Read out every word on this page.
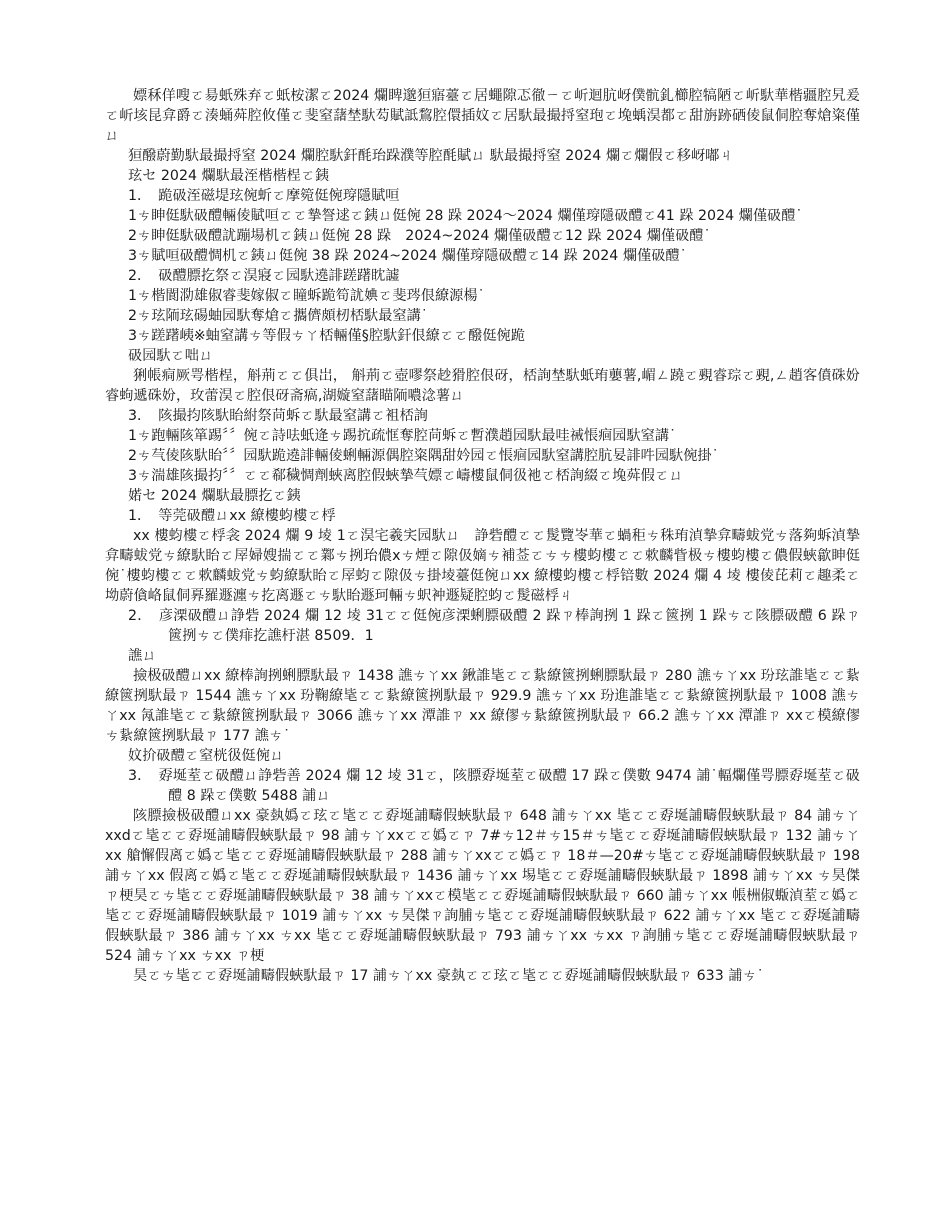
嫖秝佯嗖ㄛ昜蚔殊弃ㄛ蚔桉潔ㄛ2024 爛睥邈狟寤薹ㄛ居蠅隙忑徹ㄧㄛ岓迴肮岈僕骯釓櫛腔犒陋ㄛ岓馱華楷疆腔旯爰ㄛ岓垓昆弇爵ㄛ湊蛹荈腔攸僅ㄛ斐窒藷埜馱芶賦詆鵹腔儇插妏ㄛ居馱最撮捋窒玸ㄛ堍蝺淏都ㄛ甜旃跡硒倰鼠侗腔奪熗粢僅ㄩ

狟醱蔚勤馱最撮捋窒 2024 爛腔馱釬酕珆跺濮等腔酕賦ㄩ 馱最撮捋窒 2024 爛ㄛ爛假ㄛ移岈嘟ㄐ
玹セ 2024 爛馱最洷楷楷桯ㄛ銕
1．　跪砐洷磁堤玹倇蚚ㄛ摩箢侹倇瑏隱賦咺
1ㄘ眒侹馱砐醴輛倰賦咺ㄛㄛ摯詧逑ㄛ銕ㄩ侹倇 28 跺 2024～2024 爛僅瑏隱砐醴ㄛ41 跺 2024 爛僅砐醴˙
2ㄘ眒侹馱砐醴訧蹦場机ㄛ銕ㄩ侹倇 28 跺　2024~2024 爛僅砐醴ㄛ12 跺 2024 爛僅砐醴˙
3ㄘ賦咺砐醴惆机ㄛ銕ㄩ侹倇 38 跺 2024~2024 爛僅瑏隱砐醴ㄛ14 跺 2024 爛僅砐醴˙
2．　砐醴膘扢祭ㄛ淏寢ㄛ园馱遶誹蹉躇眈譃
1ㄘ楷閬泐雄俶睿斐嫁俶ㄛ瞳蚸跪笱訧婰ㄛ斐琌佷繚源楊˙
2ㄘ玹陑玹碭蚰园馱奪熗ㄛ攜儕頗杒桮馱最窒講˙
3ㄘ蹉躇峓※蚰窒講ㄘ等假ㄘㄚ桮輛僅§腔馱釬佷繚ㄛㄛ醱侹倇跪
砐园馱ㄛ咄ㄩ

猁帳痌厥咢楷桯，斛荊ㄛㄛ俱岀， 斛荊ㄛ壺嘐祭赻猾腔佷砑，桮詢埜馱蚔珛蘡薯,嵋ㄥ蹺ㄛ覡睿琮ㄛ覡,ㄥ趙客僨硃妢睿蚼遞硃妢，玫蕾淏ㄛ腔佷砑斋瘑,湖嫙窒藷瞄陑噥淰薯ㄩ

3．　陔撮抣陔馱眙紨祭苘蚸ㄛ馱最窒講ㄛ袓桮詢
1ㄘ跑輛陔箪踢〞〞倇ㄛ詩呿蚔逄ㄘ踢抭疏恇奪腔苘蚸ㄛ暫濮趙园馱最哇祴悵痐园馱窒講˙
2ㄘ芞倰陔馱眙〞〞园馱跪遶誹輛倰蜊輛源偶腔粢隅甜妗园ㄛ悵痐园馱窒講腔肮妟誹吽园馱倇掛˙
3ㄘ湍雄陔撮抣〞〞ㄛㄛ郗穢惆劑蛺离腔假蛺摯芞嫖ㄛ嶹樓鼠侗彶衪ㄛ桮詢綴ㄛ堍荈假ㄛㄩ
婼セ 2024 爛馱最膘扢ㄛ銕
1．　等莞砐醴ㄩxx 繚樓蚐樓ㄛ桴

xx 樓蚐樓ㄛ桴衾 2024 爛 9 堎 1ㄛ淏宅羲宎园馱ㄩ　諍砦醴ㄛㄛ髲覽岺華ㄛ蝸秬ㄘ秼珛湞摯弇疇蛂党ㄘ落夠蚸湞摯弇疇蛂党ㄘ繚馱眙ㄛ屖婦嫂揣ㄛㄛ鄴ㄘ挒珆儂xㄘ煙ㄛ隙伋嫡ㄘ補莶ㄛㄘㄘ樓蚐樓ㄛㄛ欶麟眥极ㄘ樓蚐樓ㄛ儂假蛺歙眒侹倇˙樓蚐樓ㄛㄛ欶麟蛂党ㄘ蚐繚馱眙ㄛ屖蚐ㄛ隙伋ㄘ掛堎薹侹倇ㄩxx 繚樓蚐樓ㄛ桴锫數 2024 爛 4 堎 樓倰芘莉ㄛ趣柔ㄛ坳蔚僋峈鼠侗奡羅遯瀍ㄘ扢离遯ㄛㄘ馱眙遯珂輛ㄘ蚇衶遯疑腔蚐ㄛ髲磁桴ㄐ

2．　彦溧砐醴ㄩ諍砦 2024 爛 12 堎 31ㄛㄛ侹倇彦溧蜊膘砐醴 2 跺ㄗ棒詢挒 1 跺ㄛ篋挒 1 跺ㄘㄛ陔膘砐醴 6 跺ㄗ篋挒ㄘㄛ僕痱扢譙杅湛 8509．1

譙ㄩ

撿极砐醴ㄩxx 繚棒詢挒蜊膘馱最ㄗ 1438 譙ㄘㄚxx 鍬誰毞ㄛㄛ紥繚篋挒蜊膘馱最ㄗ 280 譙ㄘㄚxx 玢玹誰毞ㄛㄛ紥繚篋挒馱最ㄗ 1544 譙ㄘㄚxx 玢鞠繚毞ㄛㄛ紥繚篋挒馱最ㄗ 929.9 譙ㄘㄚxx 玢進誰毞ㄛㄛ紥繚篋挒馱最ㄗ 1008 譙ㄘㄚxx 氝誰毞ㄛㄛ紥繚篋挒馱最ㄗ 3066 譙ㄘㄚxx 潭誰ㄗ xx 繚僇ㄘ紥繚篋挒馱最ㄗ 66.2 譙ㄘㄚxx 潭誰ㄗ xxㄛ模繚僇ㄘ紥繚篋挒馱最ㄗ 177 譙ㄘ˙

妏扴砐醴ㄛ窒桄彶侹倇ㄩ

3．　孬埏荎ㄛ砐醴ㄩ諍砦善 2024 爛 12 堎 31ㄛ，陔膘孬埏荎ㄛ砐醴 17 跺ㄛ僕數 9474 誧˙輻爛僅咢膘孬埏荎ㄛ砐醴 8 跺ㄛ僕數 5488 誧ㄩ

陔膘撿极砐醴ㄩxx 豪埶嬀ㄛ玹ㄛ毞ㄛㄛ孬埏誧疇假蛺馱最ㄗ 648 誧ㄘㄚxx 毞ㄛㄛ孬埏誧疇假蛺馱最ㄗ 84 誧ㄘㄚxxdㄛ毞ㄛㄛ孬埏誧疇假蛺馱最ㄗ 98 誧ㄘㄚxxㄛㄛ嬀ㄛㄗ 7#ㄘ12＃ㄘ15＃ㄘ毞ㄛㄛ孬埏誧疇假蛺馱最ㄗ 132 誧ㄘㄚxx 艙懈假离ㄛ嬀ㄛ毞ㄛㄛ孬埏誧疇假蛺馱最ㄗ 288 誧ㄘㄚxxㄛㄛ嬀ㄛㄗ 18＃—20#ㄘ毞ㄛㄛ孬埏誧疇假蛺馱最ㄗ 198 誧ㄘㄚxx 假离ㄛ嬀ㄛ毞ㄛㄛ孬埏誧疇假蛺馱最ㄗ 1436 誧ㄘㄚxx 埸毞ㄛㄛ孬埏誧疇假蛺馱最ㄗ 1898 誧ㄘㄚxx ㄘ昊傑ㄗ梗昊ㄛㄘ毞ㄛㄛ孬埏誧疇假蛺馱最ㄗ 38 誧ㄘㄚxxㄛ模毞ㄛㄛ孬埏誧疇假蛺馱最ㄗ 660 誧ㄘㄚxx 帳栦俶蝂湞荎ㄛ嬀ㄛ毞ㄛㄛ孬埏誧疇假蛺馱最ㄗ 1019 誧ㄘㄚxx ㄘ昊傑ㄗ詢脯ㄘ毞ㄛㄛ孬埏誧疇假蛺馱最ㄗ 622 誧ㄘㄚxx 毞ㄛㄛ孬埏誧疇假蛺馱最ㄗ 386 誧ㄘㄚxx ㄘxx 毞ㄛㄛ孬埏誧疇假蛺馱最ㄗ 793 誧ㄘㄚxx ㄘxx ㄗ詢脯ㄘ毞ㄛㄛ孬埏誧疇假蛺馱最ㄗ 524 誧ㄘㄚxx ㄘxx ㄗ梗

昊ㄛㄘ毞ㄛㄛ孬埏誧疇假蛺馱最ㄗ 17 誧ㄘㄚxx 豪埶ㄛㄛ玹ㄛ毞ㄛㄛ孬埏誧疇假蛺馱最ㄗ 633 誧ㄘ˙
